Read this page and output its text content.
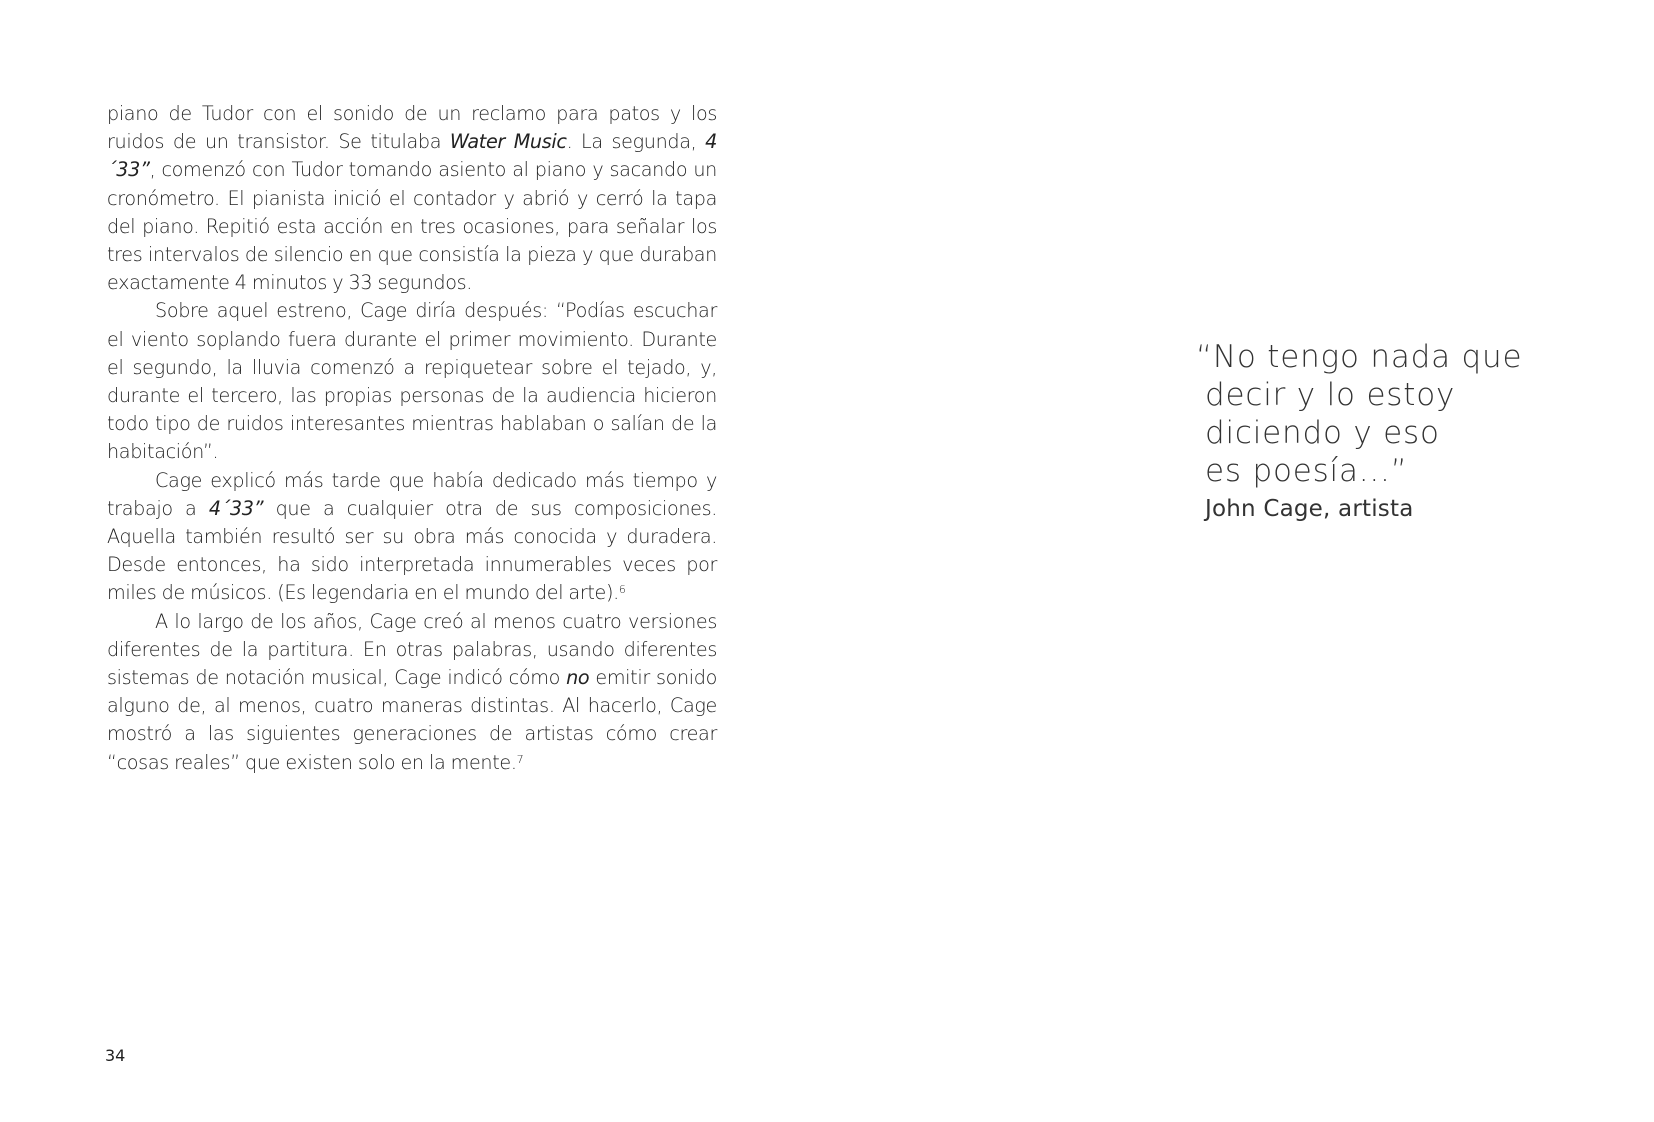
piano de Tudor con el sonido de un reclamo para patos y los ruidos de un transistor. Se titulaba Water Music. La segunda, 4´33”, comenzó con Tudor tomando asiento al piano y sacando un cronómetro. El pianista inició el contador y abrió y cerró la tapa del piano. Repitió esta acción en tres ocasiones, para señalar los tres intervalos de silencio en que consistía la pieza y que duraban exactamente 4 minutos y 33 segundos.

Sobre aquel estreno, Cage diría después: “Podías escuchar el viento soplando fuera durante el primer movimiento. Durante el segundo, la lluvia comenzó a repiquetear sobre el tejado, y, durante el tercero, las propias personas de la audiencia hicieron todo tipo de ruidos interesantes mientras hablaban o salían de la habitación”.

Cage explicó más tarde que había dedicado más tiempo y trabajo a 4´33” que a cualquier otra de sus composiciones. Aquella también resultó ser su obra más conocida y duradera. Desde entonces, ha sido interpretada innumerables veces por miles de músicos. (Es legendaria en el mundo del arte).$^6$

A lo largo de los años, Cage creó al menos cuatro versiones diferentes de la partitura. En otras palabras, usando diferentes sistemas de notación musical, Cage indicó cómo no emitir sonido alguno de, al menos, cuatro maneras distintas. Al hacerlo, Cage mostró a las siguientes generaciones de artistas cómo crear “cosas reales” que existen solo en la mente.$^7$

34
“No tengo nada que
decir y lo estoy
diciendo y eso
es poesía...”
John Cage, artista
